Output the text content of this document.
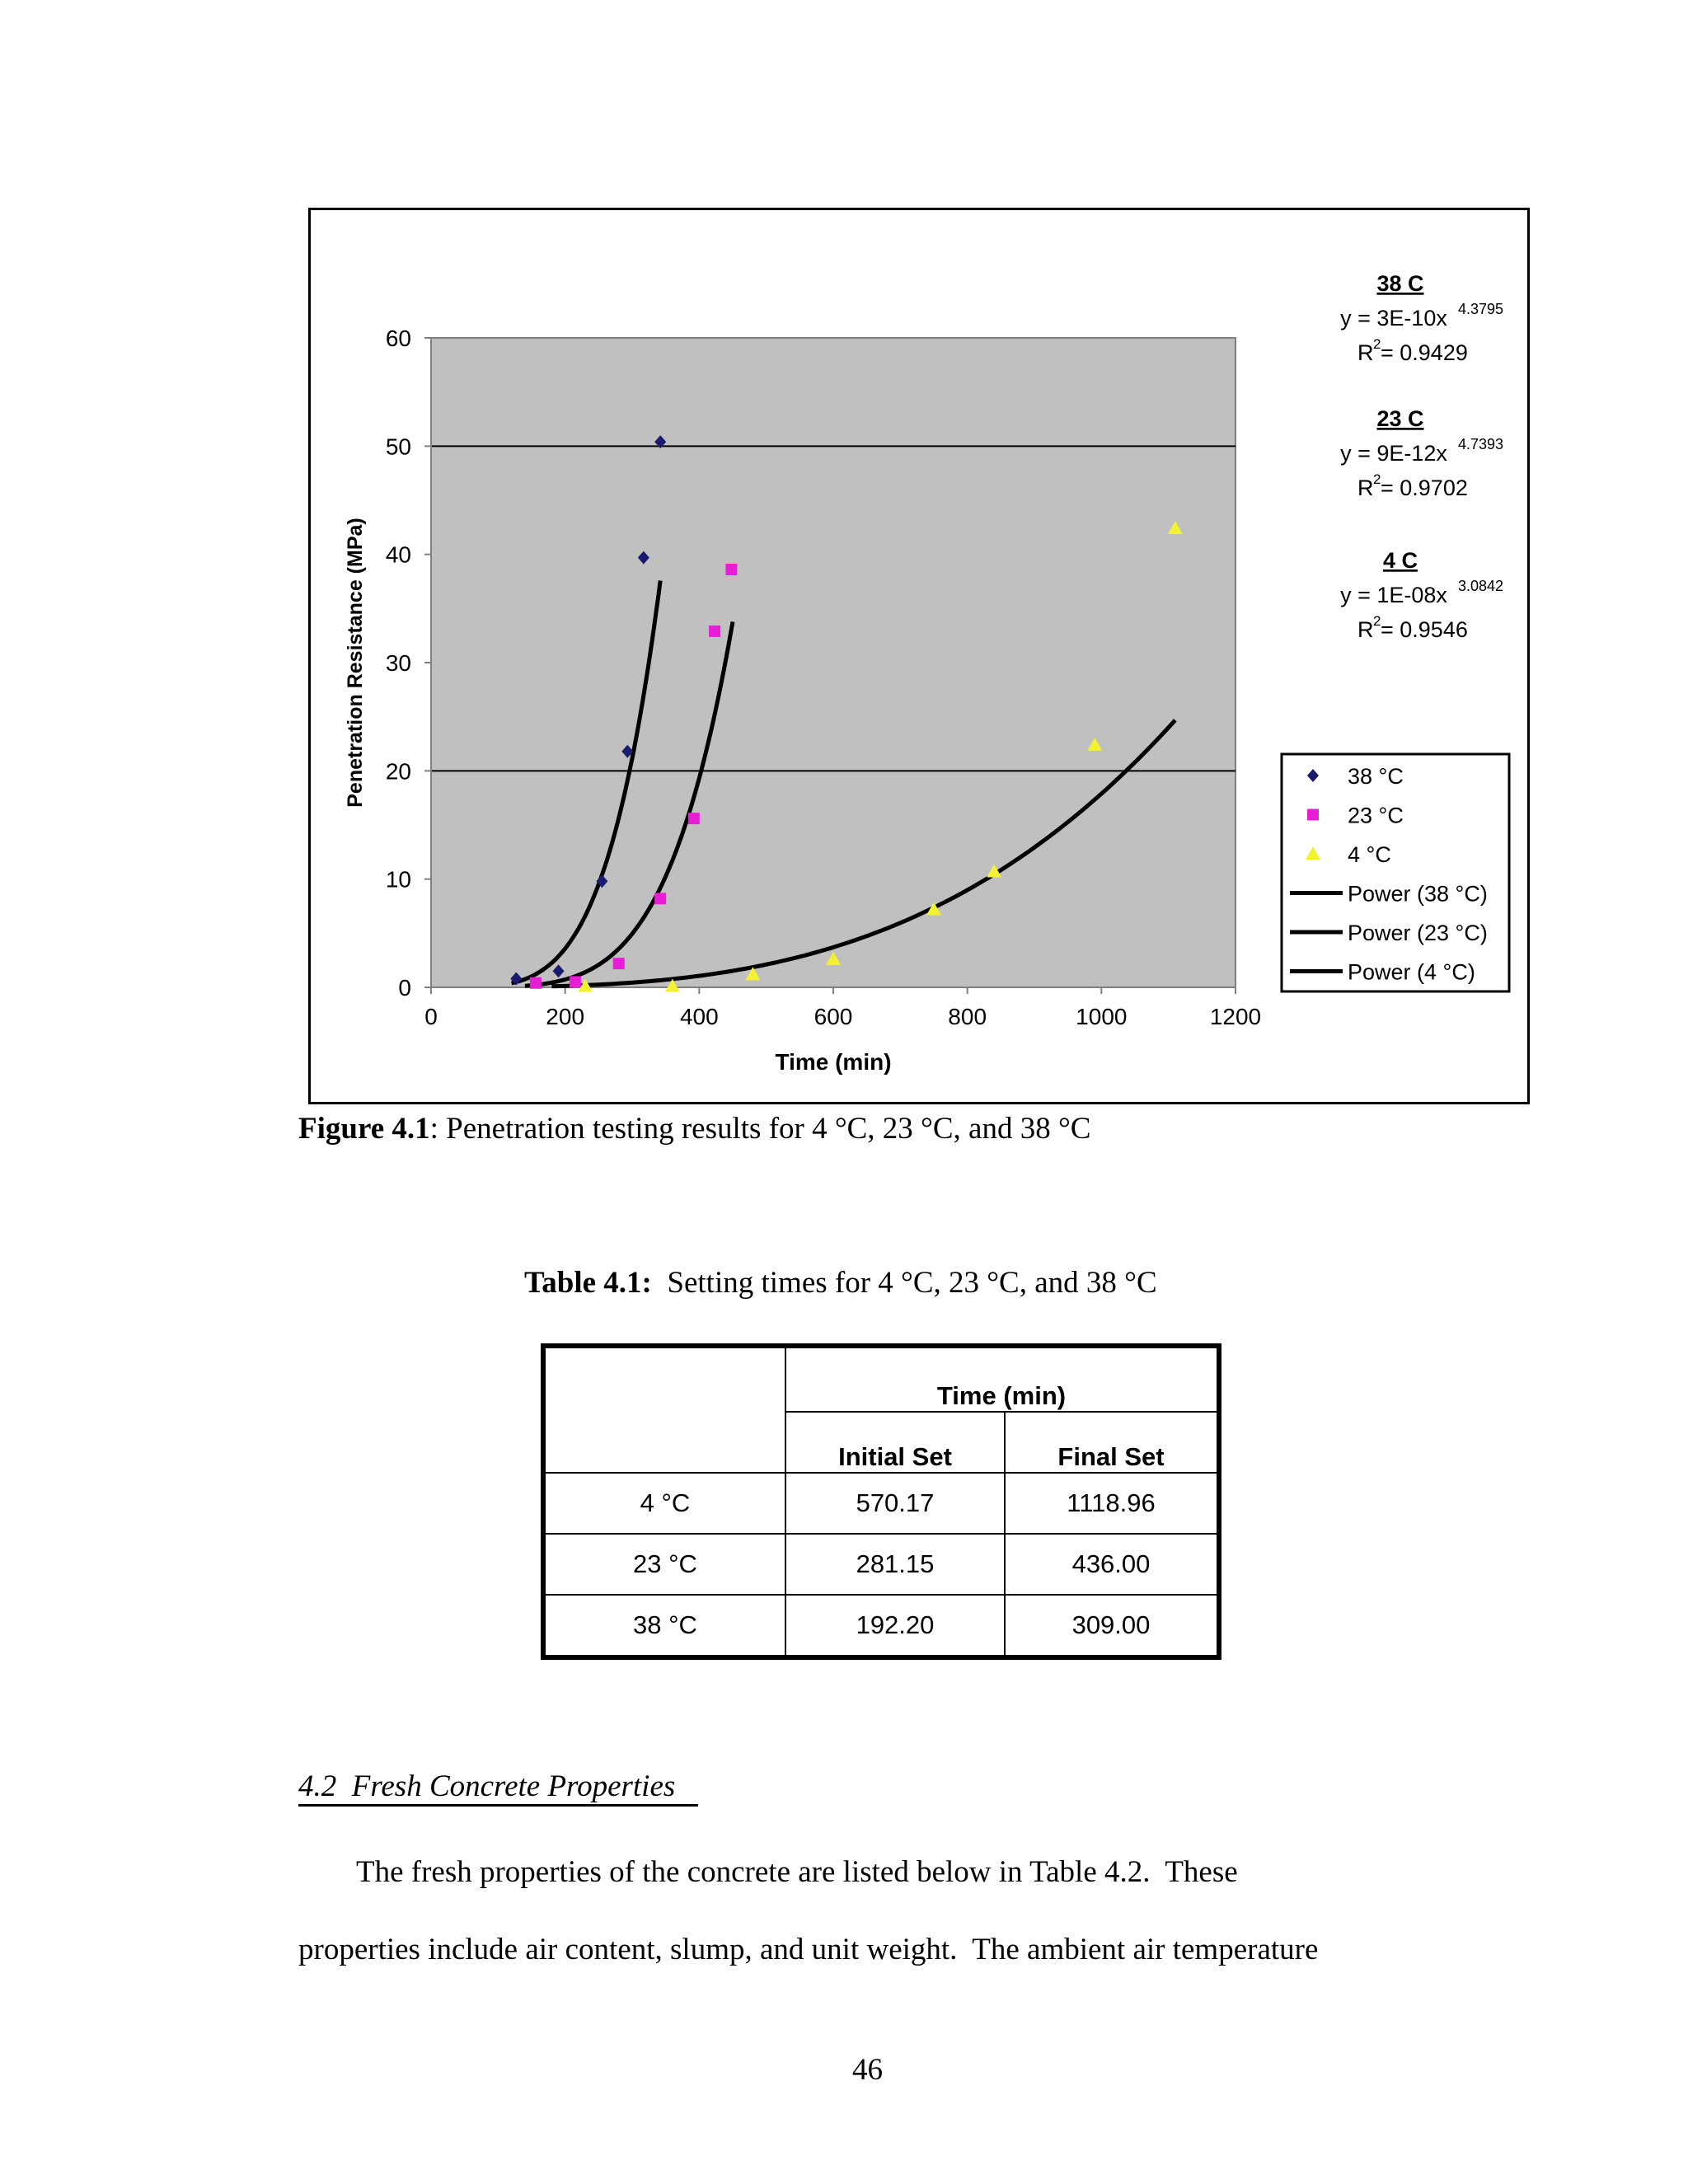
0
10
20
30
40
50
60
0	200	400	600	800	1000	1200
Time (min)
Penetration Resistance (MPa)
38 C
y = 3E-10x 4.3795
R 2 = 0.9429
23 C
y = 9E-12x 4.7393
R 2 = 0.9702
4 C
y = 1E-08x 3.0842
R 2 = 0.9546
38 °C
23 °C
4 °C
Power (38 °C)
Power (23 °C)
Power (4 °C)
Figure 4.1: Penetration testing results for 4 °C, 23 °C, and 38 °C
Table 4.1:  Setting times for 4 °C, 23 °C, and 38 °C
	Time (min)	
	Initial Set	Final Set
4 °C	570.17	1118.96
23 °C	281.15	436.00
38 °C	192.20	309.00
4.2  Fresh Concrete Properties
The fresh properties of the concrete are listed below in Table 4.2.  These
properties include air content, slump, and unit weight.  The ambient air temperature
46
